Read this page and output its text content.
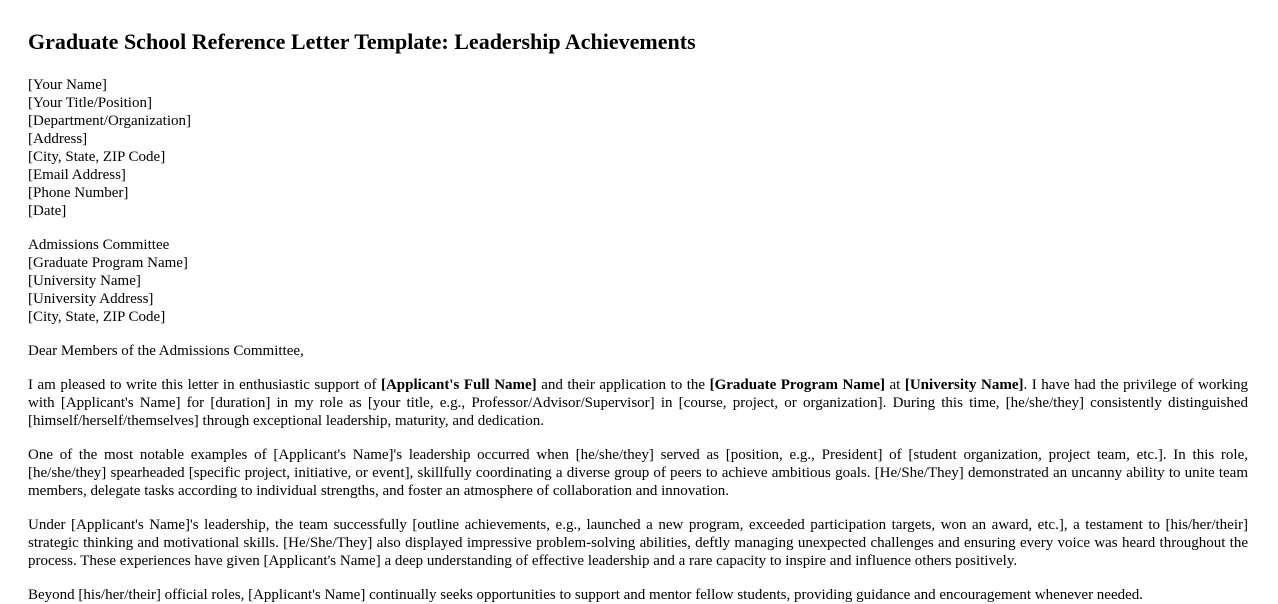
Graduate School Reference Letter Template: Leadership Achievements
[Your Name]
[Your Title/Position]
[Department/Organization]
[Address]
[City, State, ZIP Code]
[Email Address]
[Phone Number]
[Date]
Admissions Committee
[Graduate Program Name]
[University Name]
[University Address]
[City, State, ZIP Code]

Dear Members of the Admissions Committee,

I am pleased to write this letter in enthusiastic support of [Applicant's Full Name] and their application to the [Graduate Program Name] at [University Name]. I have had the privilege of working with [Applicant's Name] for [duration] in my role as [your title, e.g., Professor/Advisor/Supervisor] in [course, project, or organization]. During this time, [he/she/they] consistently distinguished [himself/herself/themselves] through exceptional leadership, maturity, and dedication.

One of the most notable examples of [Applicant's Name]'s leadership occurred when [he/she/they] served as [position, e.g., President] of [student organization, project team, etc.]. In this role, [he/she/they] spearheaded [specific project, initiative, or event], skillfully coordinating a diverse group of peers to achieve ambitious goals. [He/She/They] demonstrated an uncanny ability to unite team members, delegate tasks according to individual strengths, and foster an atmosphere of collaboration and innovation.

Under [Applicant's Name]'s leadership, the team successfully [outline achievements, e.g., launched a new program, exceeded participation targets, won an award, etc.], a testament to [his/her/their] strategic thinking and motivational skills. [He/She/They] also displayed impressive problem-solving abilities, deftly managing unexpected challenges and ensuring every voice was heard throughout the process. These experiences have given [Applicant's Name] a deep understanding of effective leadership and a rare capacity to inspire and influence others positively.

Beyond [his/her/their] official roles, [Applicant's Name] continually seeks opportunities to support and mentor fellow students, providing guidance and encouragement whenever needed.
